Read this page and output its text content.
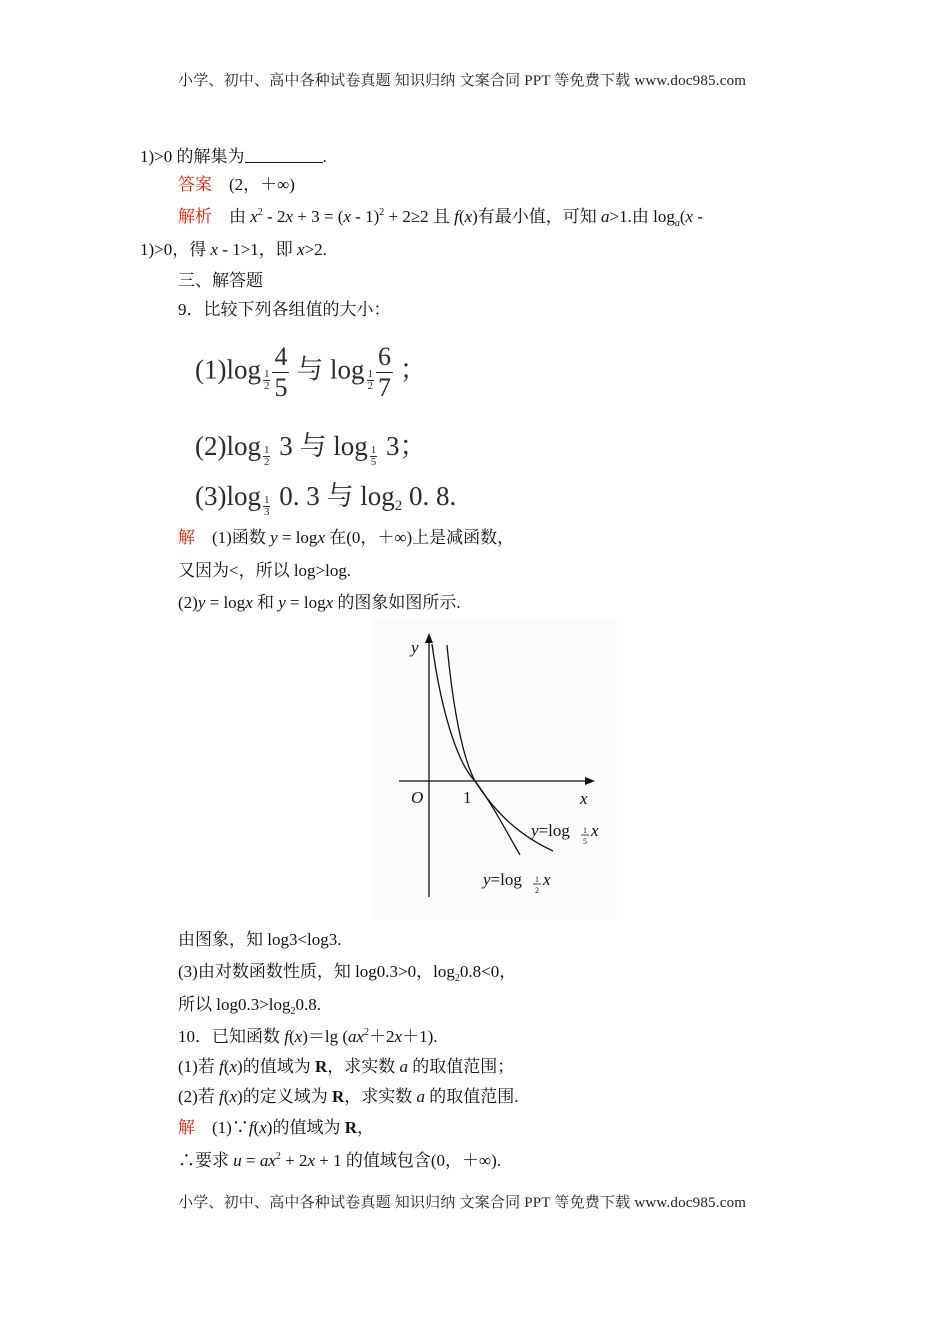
小学、初中、高中各种试卷真题 知识归纳 文案合同 PPT 等免费下载 www.doc985.com
1)>0 的解集为	.
答案 (2，＋∞)
解析 由 $x^2 - 2x + 3 = (x - 1)^2 + 2\ge 2$ 且 f(x)有最小值，可知 a>1.由 $\log_a(x$ -
1)>0，得 x - 1>1，即 x>2.
三、解答题
9．比较下列各组值的大小：
$(1)\log \frac{1}{2} \frac{4}{5}$ 与 $\log \frac{1}{2} \frac{6}{7}$ ；
$(2)\log \frac{1}{2} 3$ 与 $\log \frac{1}{5} 3$；
$(3)\log \frac{1}{3} 0$. 3 与 $\log_2 0$. 8.
解 (1)函数 y = logx 在(0，＋∞)上是减函数，
又因为<，所以 log>log.
(2)y = logx 和 y = logx 的图象如图所示.
y
x
O 1
y=log 1
5
x
y=log 1
2
x
由图象，知 log3<log3.
(3)由对数函数性质，知 log0.3>0，$\log_20.8<0$，
所以 $\log 0.3>\log_20.8$.
10．已知函数 f(x)＝lg $(ax^2+2x+1)$.
(1)若 f(x)的值域为 R，求实数 a 的取值范围；
(2)若 f(x)的定义域为 R，求实数 a 的取值范围.
解 (1)∵f(x)的值域为 R，
∴要求 $u = ax^2 + 2x + 1$ 的值域包含(0，＋∞).
小学、初中、高中各种试卷真题 知识归纳 文案合同 PPT 等免费下载 www.doc985.com
